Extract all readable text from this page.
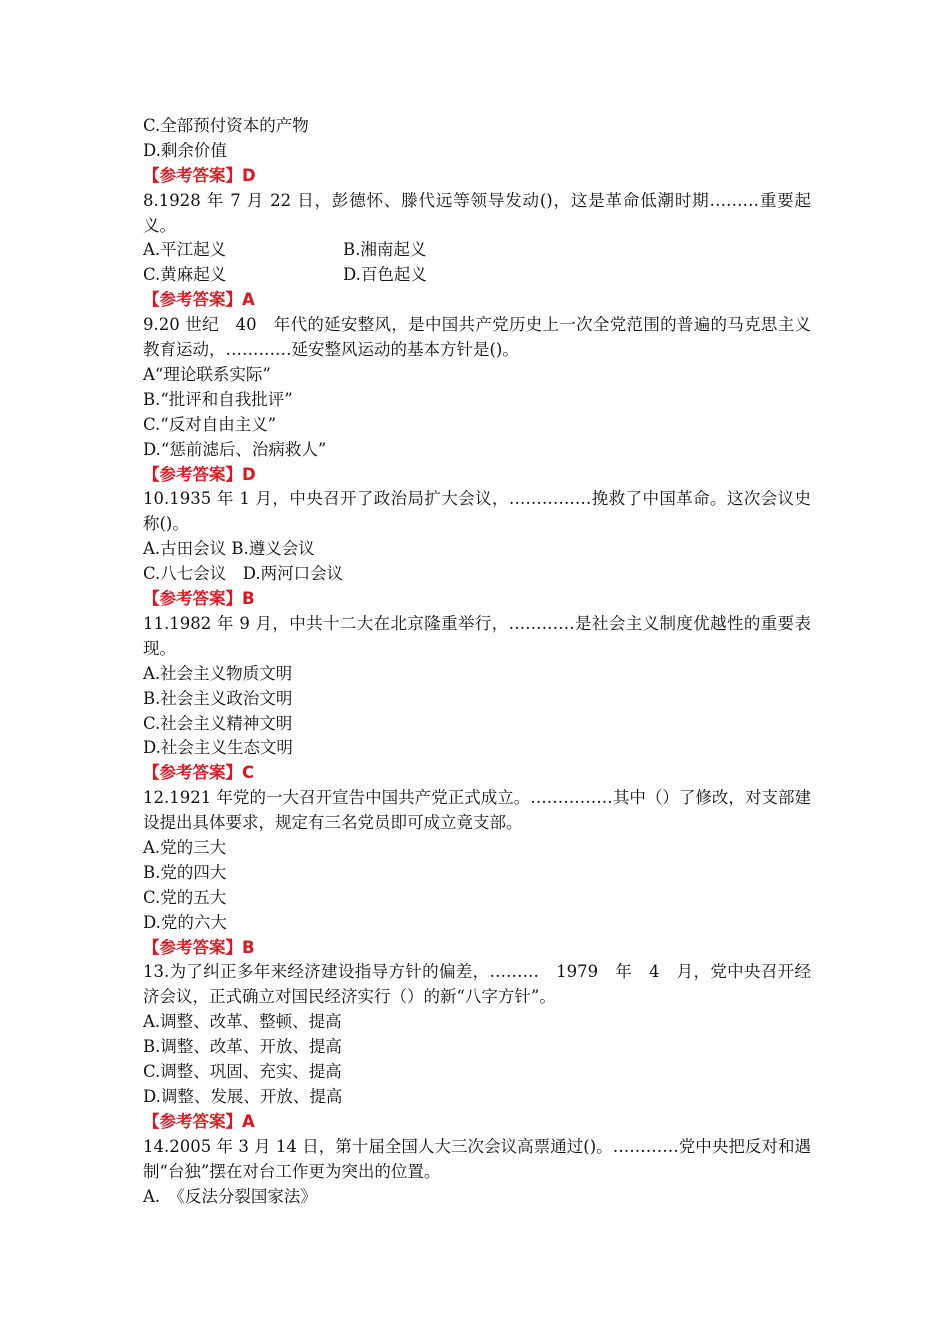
C.全部预付资本的产物
D.剩余价值
【参考答案】D
8.1928 年 7 月 22 日，彭德怀、滕代远等领导发动()，这是革命低潮时期………重要起义。
A.平江起义	B.湘南起义
C.黄麻起义	D.百色起义
【参考答案】A
9.20 世纪　40　年代的延安整风，是中国共产党历史上一次全党范围的普遍的马克思主义教育运动，…………延安整风运动的基本方针是()。
A“理论联系实际”
B.“批评和自我批评”
C.“反对自由主义”
D.“惩前滤后、治病救人”
【参考答案】D
10.1935 年 1 月，中央召开了政治局扩大会议，……………挽救了中国革命。这次会议史称()。
A.古田会议 B.遵义会议
C.八七会议　D.两河口会议
【参考答案】B
11.1982 年 9 月，中共十二大在北京隆重举行，…………是社会主义制度优越性的重要表现。
A.社会主义物质文明
B.社会主义政治文明
C.社会主义精神文明
D.社会主义生态文明
【参考答案】C
12.1921 年党的一大召开宣告中国共产党正式成立。……………其中（）了修改，对支部建设提出具体要求，规定有三名党员即可成立竟支部。
A.党的三大
B.党的四大
C.党的五大
D.党的六大
【参考答案】B
13.为了纠正多年来经济建设指导方针的偏差，………　1979　年　4　月，党中央召开经济会议，正式确立对国民经济实行（）的新“八字方针”。
A.调整、改革、整顿、提高
B.调整、改革、开放、提高
C.调整、巩固、充实、提高
D.调整、发展、开放、提高
【参考答案】A
14.2005 年 3 月 14 日，第十届全国人大三次会议高票通过()。…………党中央把反对和遇制“台独”摆在对台工作更为突出的位置。
A.　《反法分裂国家法》
